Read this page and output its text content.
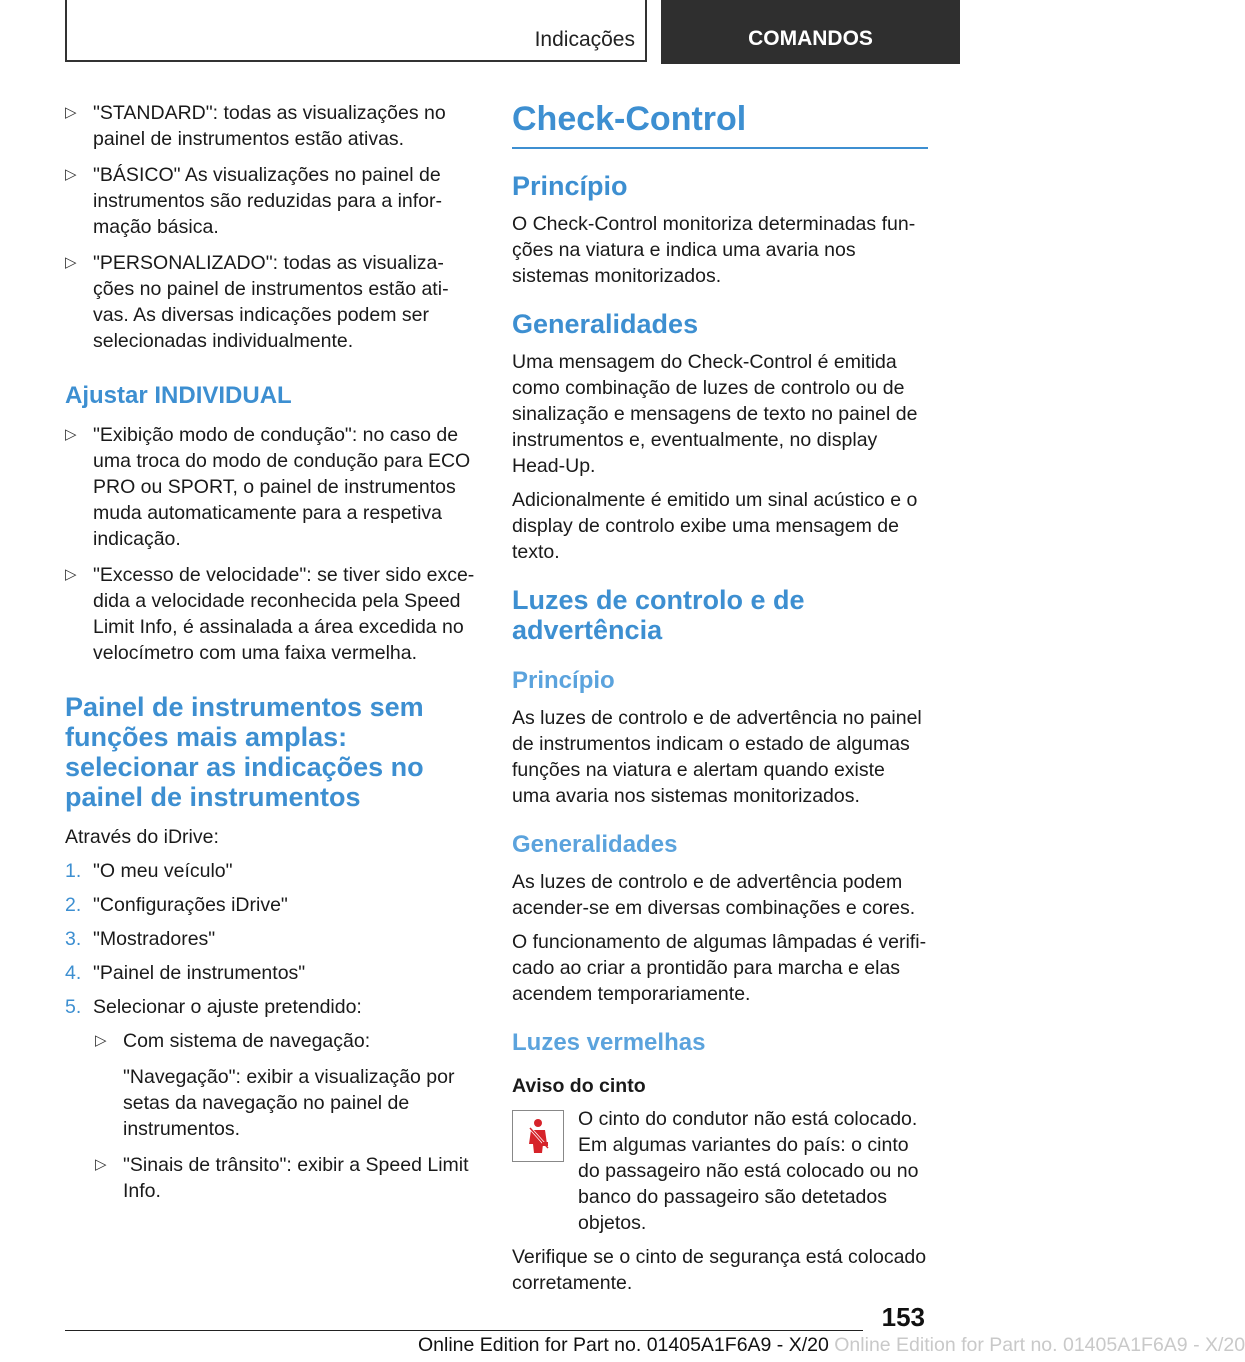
Indicações	COMANDOS
▷ "STANDARD": todas as visualizações no painel de instrumentos estão ativas.
▷ "BÁSICO" As visualizações no painel de instrumentos são reduzidas para a informação básica.
▷ "PERSONALIZADO": todas as visualizações no painel de instrumentos estão ativas. As diversas indicações podem ser selecionadas individualmente.
Ajustar INDIVIDUAL
▷ "Exibição modo de condução": no caso de uma troca do modo de condução para ECO PRO ou SPORT, o painel de instrumentos muda automaticamente para a respetiva indicação.
▷ "Excesso de velocidade": se tiver sido excedida a velocidade reconhecida pela Speed Limit Info, é assinalada a área excedida no velocímetro com uma faixa vermelha.
Painel de instrumentos sem funções mais amplas: selecionar as indicações no painel de instrumentos

Através do iDrive:

1. "O meu veículo"
2. "Configurações iDrive"
3. "Mostradores"
4. "Painel de instrumentos"
5. Selecionar o ajuste pretendido:
▷ Com sistema de navegação:

"Navegação": exibir a visualização por setas da navegação no painel de instrumentos.

▷ "Sinais de trânsito": exibir a Speed Limit Info.
Check-Control
Princípio

O Check-Control monitoriza determinadas funções na viatura e indica uma avaria nos sistemas monitorizados.

Generalidades

Uma mensagem do Check-Control é emitida como combinação de luzes de controlo ou de sinalização e mensagens de texto no painel de instrumentos e, eventualmente, no display Head-Up.

Adicionalmente é emitido um sinal acústico e o display de controlo exibe uma mensagem de texto.

Luzes de controlo e de advertência
Princípio

As luzes de controlo e de advertência no painel de instrumentos indicam o estado de algumas funções na viatura e alertam quando existe uma avaria nos sistemas monitorizados.

Generalidades

As luzes de controlo e de advertência podem acender-se em diversas combinações e cores.

O funcionamento de algumas lâmpadas é verificado ao criar a prontidão para marcha e elas acendem temporariamente.

Luzes vermelhas
Aviso do cinto

O cinto do condutor não está colocado. Em algumas variantes do país: o cinto do passageiro não está colocado ou no banco do passageiro são detetados objetos.

Verifique se o cinto de segurança está colocado corretamente.

153
Online Edition for Part no. 01405A1F6A9 - X/20 Online Edition for Part no. 01405A1F6A9 - X/20
